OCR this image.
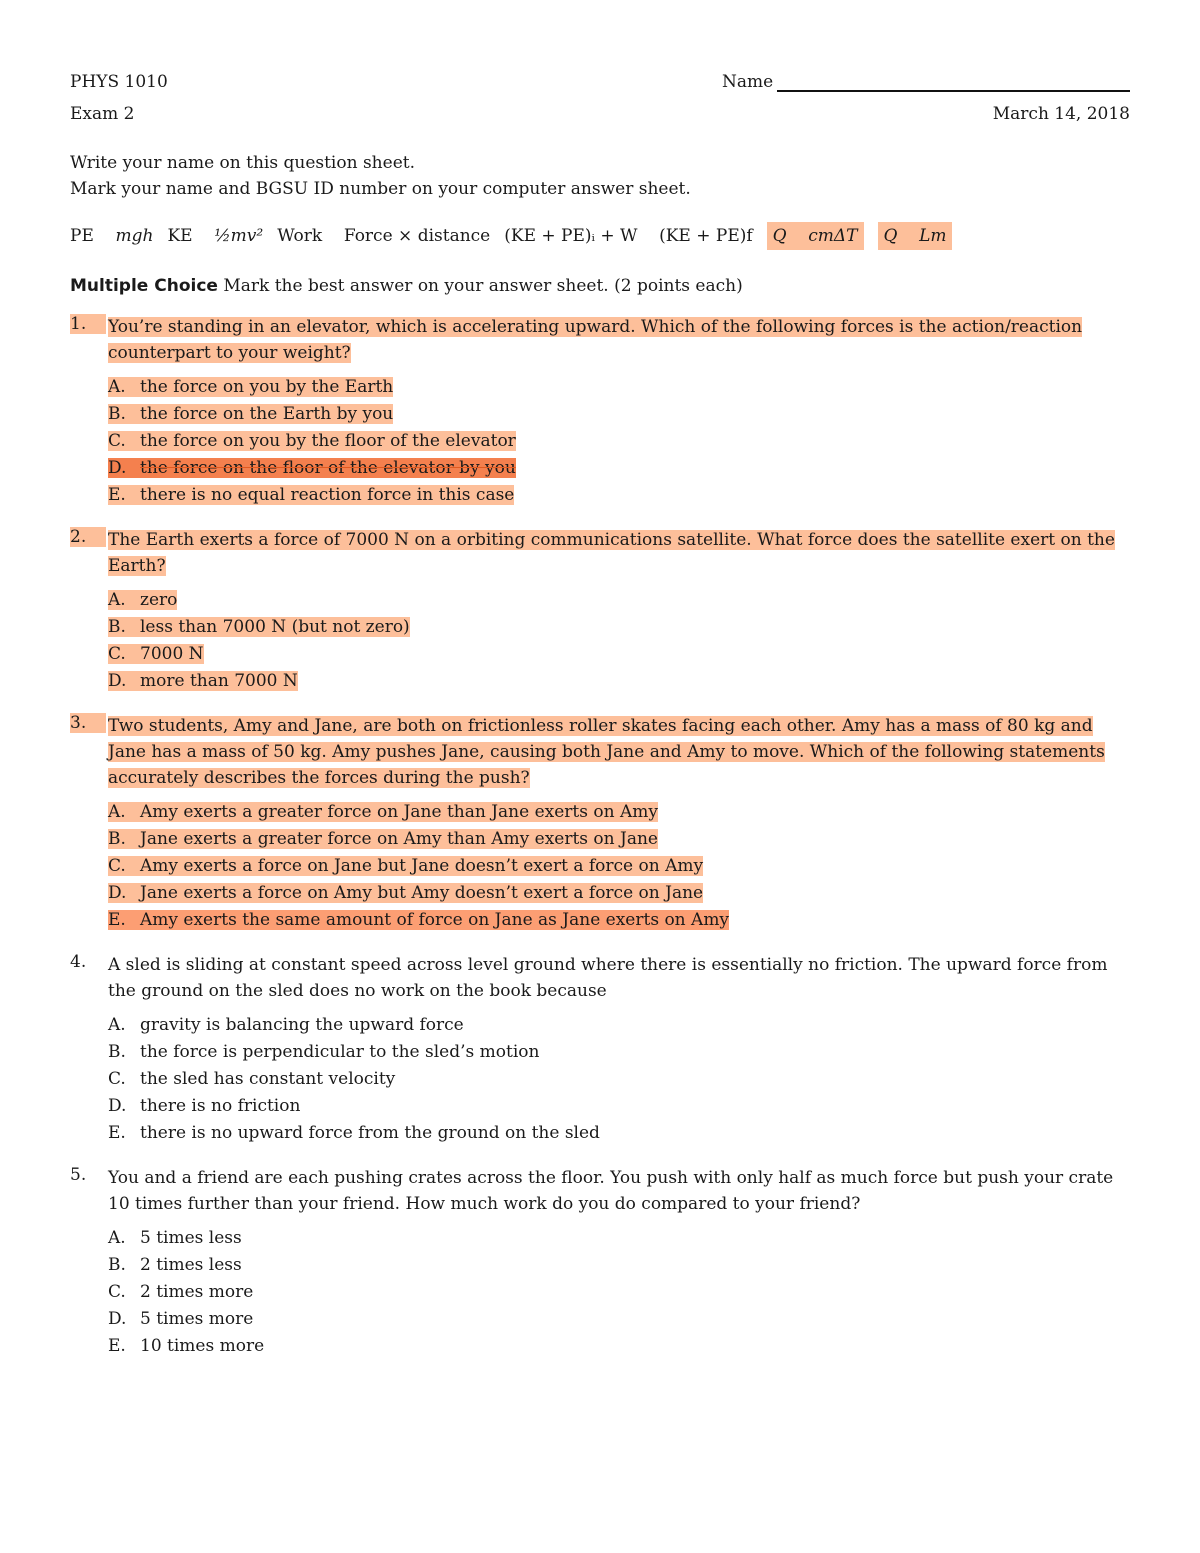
PHYS 1010	Name
Exam 2	March 14, 2018
Write your name on this question sheet.
Mark your name and BGSU ID number on your computer answer sheet.
PE mgh KE ½mv² Work Force × distance (KE + PE)ᵢ + W (KE + PE)f	Q cmΔT	Q Lm
Multiple Choice Mark the best answer on your answer sheet. (2 points each)
1.	You’re standing in an elevator, which is accelerating upward. Which of the following forces is the action/reaction counterpart to your weight?
A. the force on you by the Earth
B. the force on the Earth by you
C. the force on you by the floor of the elevator
D. the force on the floor of the elevator by you
E. there is no equal reaction force in this case
2.	The Earth exerts a force of 7000 N on a orbiting communications satellite. What force does the satellite exert on the Earth?
A. zero
B. less than 7000 N (but not zero)
C. 7000 N
D. more than 7000 N
3.	Two students, Amy and Jane, are both on frictionless roller skates facing each other. Amy has a mass of 80 kg and Jane has a mass of 50 kg. Amy pushes Jane, causing both Jane and Amy to move. Which of the following statements accurately describes the forces during the push?
A. Amy exerts a greater force on Jane than Jane exerts on Amy
B. Jane exerts a greater force on Amy than Amy exerts on Jane
C. Amy exerts a force on Jane but Jane doesn’t exert a force on Amy
D. Jane exerts a force on Amy but Amy doesn’t exert a force on Jane
E. Amy exerts the same amount of force on Jane as Jane exerts on Amy
4.	A sled is sliding at constant speed across level ground where there is essentially no friction. The upward force from the ground on the sled does no work on the book because
A. gravity is balancing the upward force
B. the force is perpendicular to the sled’s motion
C. the sled has constant velocity
D. there is no friction
E. there is no upward force from the ground on the sled
5.	You and a friend are each pushing crates across the floor. You push with only half as much force but push your crate 10 times further than your friend. How much work do you do compared to your friend?
A. 5 times less
B. 2 times less
C. 2 times more
D. 5 times more
E. 10 times more
